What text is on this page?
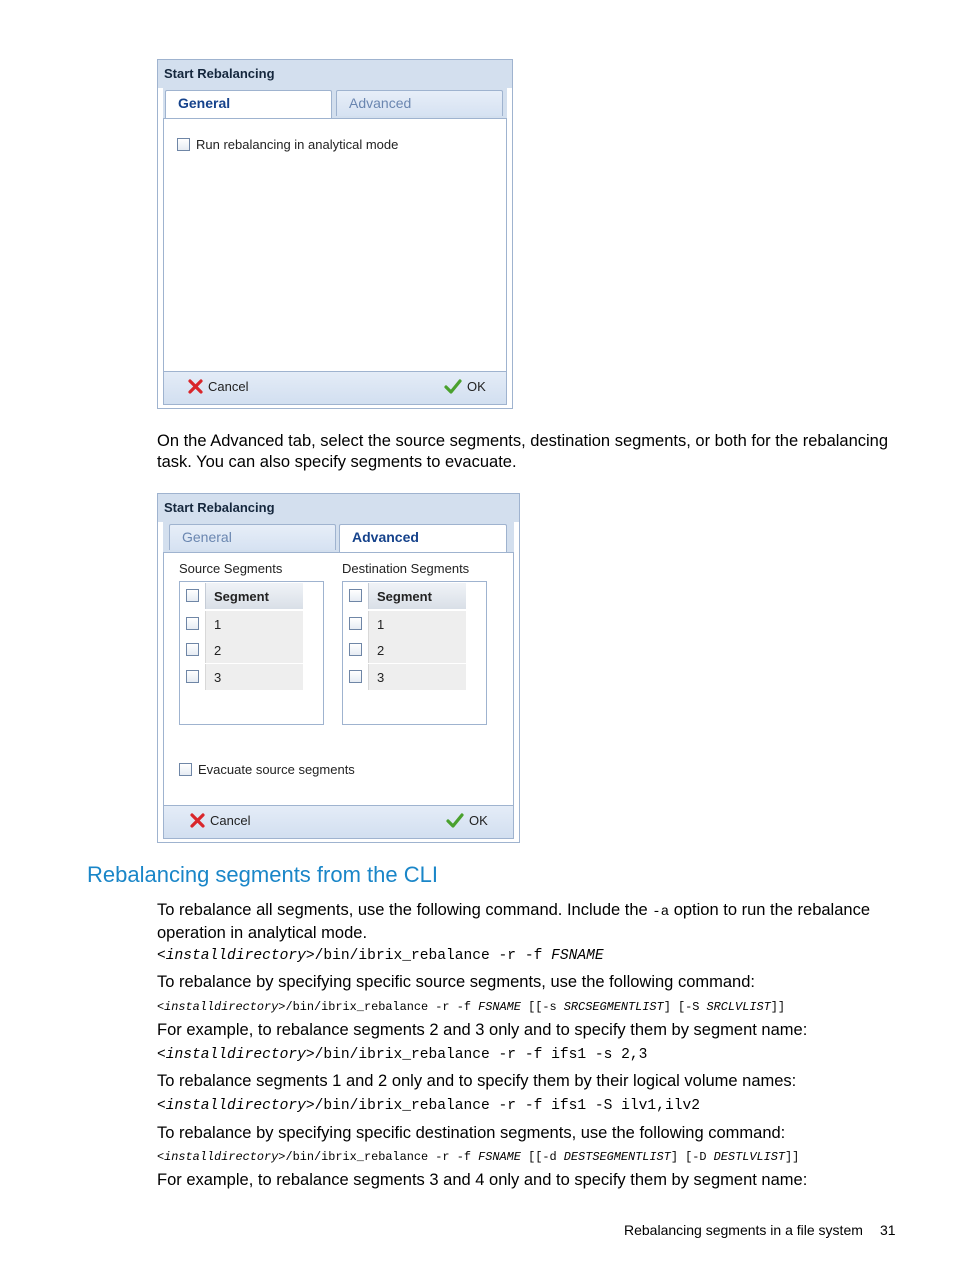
Start Rebalancing
General	Advanced
Run rebalancing in analytical mode
Cancel	OK
On the Advanced tab, select the source segments, destination segments, or both for the rebalancing
task. You can also specify segments to evacuate.
Start Rebalancing
General	Advanced
Source Segments	Destination Segments
Segment
1
2
3
Segment
1
2
3
Evacuate source segments
Cancel	OK
Rebalancing segments from the CLI
To rebalance all segments, use the following command. Include the -a option to run the rebalance
operation in analytical mode.
<installdirectory>/bin/ibrix_rebalance -r -f FSNAME
To rebalance by specifying specific source segments, use the following command:
<installdirectory>/bin/ibrix_rebalance -r -f FSNAME [[-s SRCSEGMENTLIST] [-S SRCLVLIST]]
For example, to rebalance segments 2 and 3 only and to specify them by segment name:
<installdirectory>/bin/ibrix_rebalance -r -f ifs1 -s 2,3
To rebalance segments 1 and 2 only and to specify them by their logical volume names:
<installdirectory>/bin/ibrix_rebalance -r -f ifs1 -S ilv1,ilv2
To rebalance by specifying specific destination segments, use the following command:
<installdirectory>/bin/ibrix_rebalance -r -f FSNAME [[-d DESTSEGMENTLIST] [-D DESTLVLIST]]
For example, to rebalance segments 3 and 4 only and to specify them by segment name:
Rebalancing segments in a file system 31
